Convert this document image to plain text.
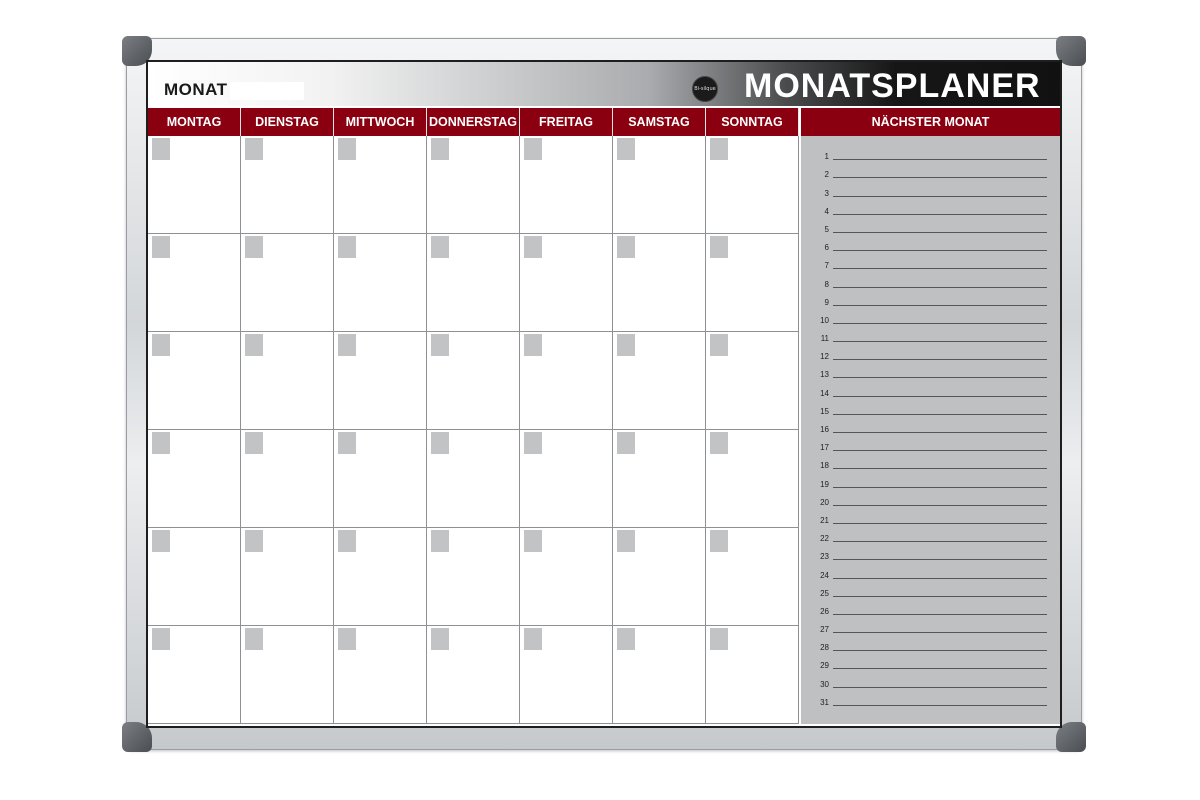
MONAT	Bi-silque MONATSPLANER
MONTAG	DIENSTAG	MITTWOCH	DONNERSTAG	FREITAG	SAMSTAG	SONNTAG	NÄCHSTER MONAT
1
2
3
4
5
6
7
8
9
10
11
12
13
14
15
16
17
18
19
20
21
22
23
24
25
26
27
28
29
30
31
